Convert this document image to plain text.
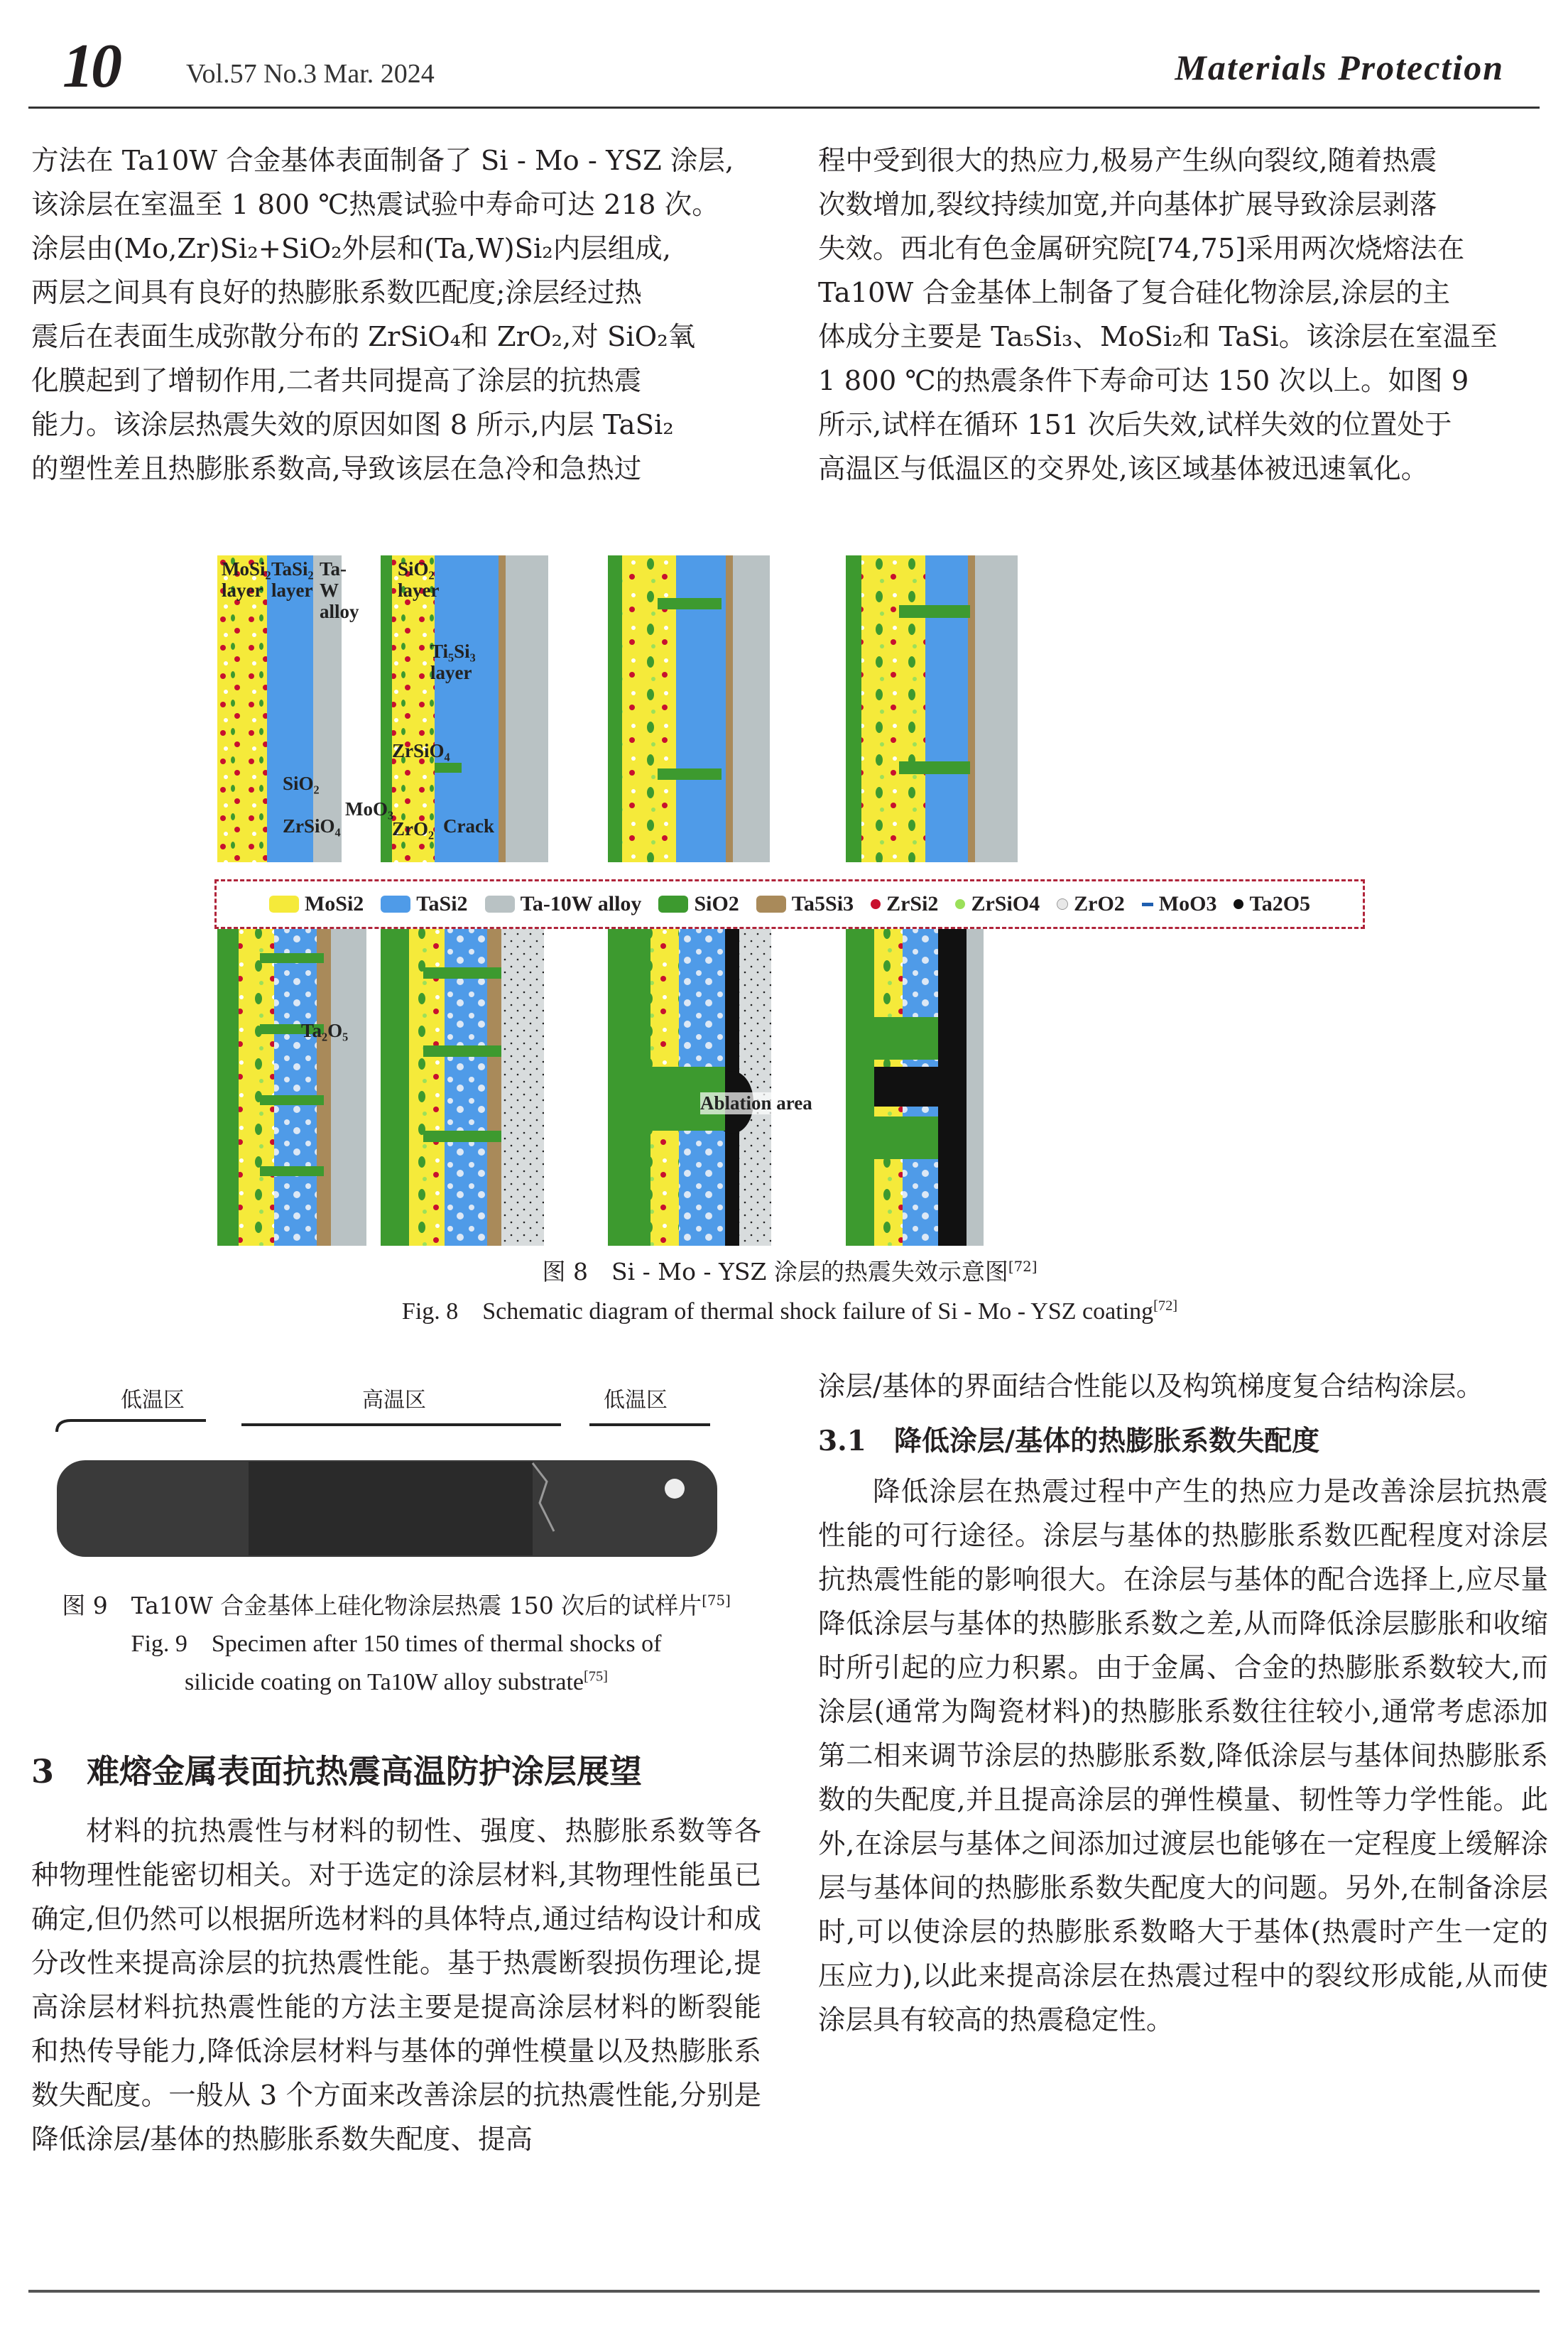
10 Vol.57 No.3 Mar. 2024	Materials Protection

方法在 Ta10W 合金基体表面制备了 Si - Mo - YSZ 涂层,

该涂层在室温至 1 800 ℃热震试验中寿命可达 218 次。

涂层由(Mo,Zr)Si₂+SiO₂外层和(Ta,W)Si₂内层组成,

两层之间具有良好的热膨胀系数匹配度;涂层经过热

震后在表面生成弥散分布的 ZrSiO₄和 ZrO₂,对 SiO₂氧

化膜起到了增韧作用,二者共同提高了涂层的抗热震

能力。该涂层热震失效的原因如图 8 所示,内层 TaSi₂

的塑性差且热膨胀系数高,导致该层在急冷和急热过

程中受到很大的热应力,极易产生纵向裂纹,随着热震

次数增加,裂纹持续加宽,并向基体扩展导致涂层剥落

失效。西北有色金属研究院[74,75]采用两次烧熔法在

Ta10W 合金基体上制备了复合硅化物涂层,涂层的主

体成分主要是 Ta₅Si₃、MoSi₂和 TaSi。该涂层在室温至

1 800 ℃的热震条件下寿命可达 150 次以上。如图 9

所示,试样在循环 151 次后失效,试样失效的位置处于

高温区与低温区的交界处,该区域基体被迅速氧化。

MoSi₂ layer
TaSi₂ layer
Ta-W alloy
SiO₂
ZrSiO₄
SiO₂ layer
Ti₅Si₃ layer
MoO₃
ZrSiO₄
ZrO₂ Crack
Ta₂O₅
Ablation area
MoSi2 TaSi2 Ta-10W alloy SiO2 Ta5Si3 ZrSi2 ZrSiO4 ZrO2 MoO3 Ta2O5
图 8　Si - Mo - YSZ 涂层的热震失效示意图[72]
Fig. 8　Schematic diagram of thermal shock failure of Si - Mo - YSZ coating[72]
低温区	高温区	低温区
图 9　Ta10W 合金基体上硅化物涂层热震 150 次后的试样片[75]
Fig. 9　Specimen after 150 times of thermal shocks of
silicide coating on Ta10W alloy substrate[75]
3　难熔金属表面抗热震高温防护涂层展望

材料的抗热震性与材料的韧性、强度、热膨胀系数等各种物理性能密切相关。对于选定的涂层材料,其物理性能虽已确定,但仍然可以根据所选材料的具体特点,通过结构设计和成分改性来提高涂层的抗热震性能。基于热震断裂损伤理论,提高涂层材料抗热震性能的方法主要是提高涂层材料的断裂能和热传导能力,降低涂层材料与基体的弹性模量以及热膨胀系数失配度。一般从 3 个方面来改善涂层的抗热震性能,分别是降低涂层/基体的热膨胀系数失配度、提高

涂层/基体的界面结合性能以及构筑梯度复合结构涂层。

3.1　降低涂层/基体的热膨胀系数失配度

降低涂层在热震过程中产生的热应力是改善涂层抗热震性能的可行途径。涂层与基体的热膨胀系数匹配程度对涂层抗热震性能的影响很大。在涂层与基体的配合选择上,应尽量降低涂层与基体的热膨胀系数之差,从而降低涂层膨胀和收缩时所引起的应力积累。由于金属、合金的热膨胀系数较大,而涂层(通常为陶瓷材料)的热膨胀系数往往较小,通常考虑添加第二相来调节涂层的热膨胀系数,降低涂层与基体间热膨胀系数的失配度,并且提高涂层的弹性模量、韧性等力学性能。此外,在涂层与基体之间添加过渡层也能够在一定程度上缓解涂层与基体间的热膨胀系数失配度大的问题。另外,在制备涂层时,可以使涂层的热膨胀系数略大于基体(热震时产生一定的压应力),以此来提高涂层在热震过程中的裂纹形成能,从而使涂层具有较高的热震稳定性。
